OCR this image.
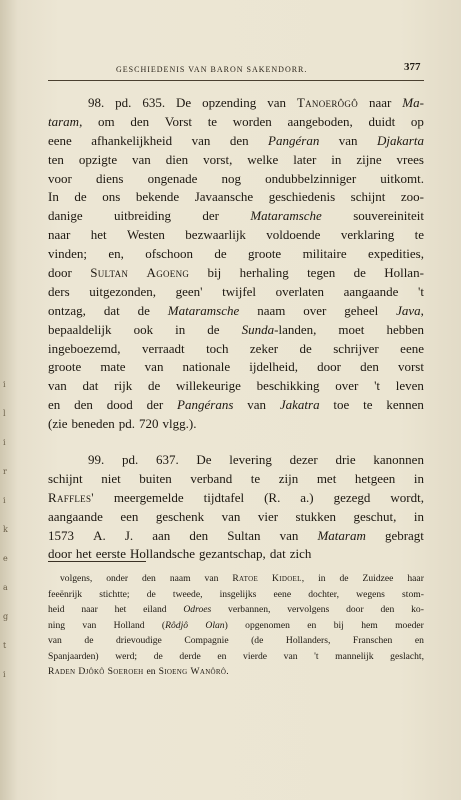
i
l
i
r
i
k
e
a
g
t
i
GESCHIEDENIS VAN BARON SAKENDORR.	377
98. pd. 635. De opzending van Tanoerôgô naar Ma-
taram, om den Vorst te worden aangeboden, duidt op
eene afhankelijkheid van den Pangéran van Djakarta
ten opzigte van dien vorst, welke later in zijne vrees
voor diens ongenade nog ondubbelzinniger uitkomt.
In de ons bekende Javaansche geschiedenis schijnt zoo-
danige uitbreiding der Mataramsche souvereiniteit
naar het Westen bezwaarlijk voldoende verklaring te
vinden; en, ofschoon de groote militaire expedities,
door Sultan Agoeng bij herhaling tegen de Hollan-
ders uitgezonden, geen' twijfel overlaten aangaande 't
ontzag, dat de Mataramsche naam over geheel Java,
bepaaldelijk ook in de Sunda-landen, moet hebben
ingeboezemd, verraadt toch zeker de schrijver eene
groote mate van nationale ijdelheid, door den vorst
van dat rijk de willekeurige beschikking over 't leven
en den dood der Pangérans van Jakatra toe te kennen
(zie beneden pd. 720 vlgg.).
99. pd. 637. De levering dezer drie kanonnen
schijnt niet buiten verband te zijn met hetgeen in
Raffles' meergemelde tijdtafel (R. a.) gezegd wordt,
aangaande een geschenk van vier stukken geschut, in
1573 A. J. aan den Sultan van Mataram gebragt
door het eerste Hollandsche gezantschap, dat zich
volgens, onder den naam van Ratoe Kidoel, in de Zuidzee haar
feeënrijk stichtte; de tweede, insgelijks eene dochter, wegens stom-
heid naar het eiland Odroes verbannen, vervolgens door den ko-
ning van Holland (Rôdjô Olan) opgenomen en bij hem moeder
van de drievoudige Compagnie (de Hollanders, Franschen en
Spanjaarden) werd; de derde en vierde van 't mannelijk geslacht,
Raden Djôkô Soeroeh en Sioeng Wanôrô.
